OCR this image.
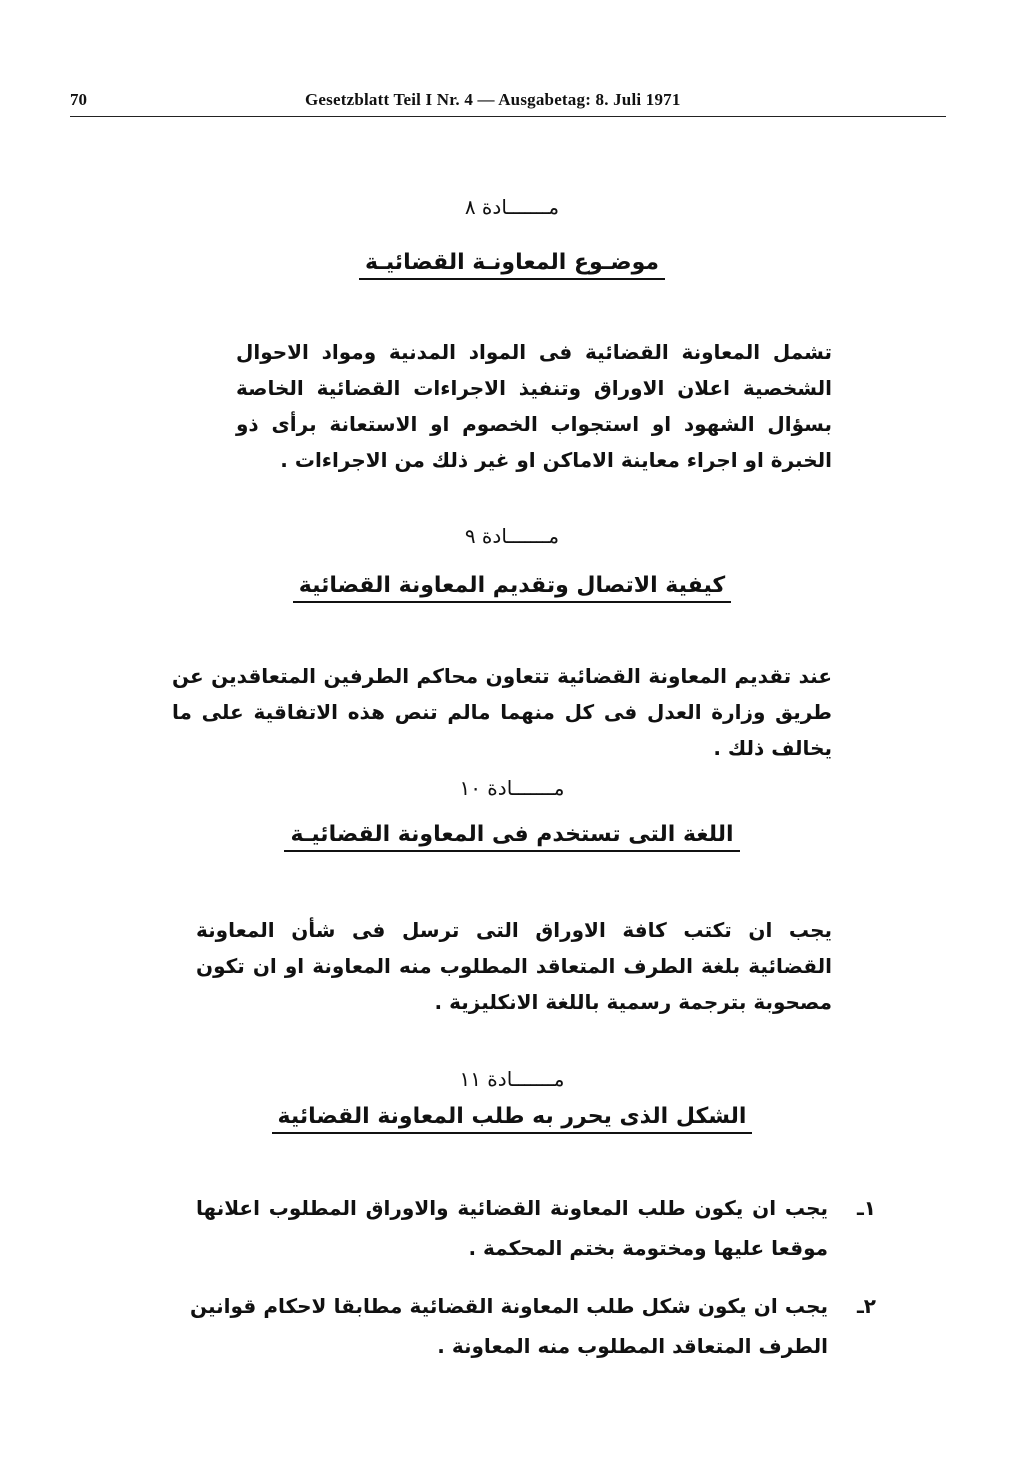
70	Gesetzblatt Teil I Nr. 4 — Ausgabetag: 8. Juli 1971
مـــــــادة ٨
موضـوع المعاونـة القضائيـة
تشمل المعاونة القضائية فى المواد المدنية ومواد الاحوال الشخصية اعلان الاوراق وتنفيذ الاجراءات القضائية الخاصة بسؤال الشهود او استجواب الخصوم او الاستعانة برأى ذو الخبرة او اجراء معاينة الاماكن او غير ذلك من الاجراءات .
مـــــــادة ٩
كيفية الاتصال وتقديم المعاونة القضائية
عند تقديم المعاونة القضائية تتعاون محاكم الطرفين المتعاقدين عن طريق وزارة العدل فى كل منهما مالم تنص هذه الاتفاقية على ما يخالف ذلك .
مـــــــادة ١٠
اللغة التى تستخدم فى المعاونة القضائيـة
يجب ان تكتب كافة الاوراق التى ترسل فى شأن المعاونة القضائية بلغة الطرف المتعاقد المطلوب منه المعاونة او ان تكون مصحوبة بترجمة رسمية باللغة الانكليزية .
مـــــــادة ١١
الشكل الذى يحرر به طلب المعاونة القضائية
١ـ
يجب ان يكون طلب المعاونة القضائية والاوراق المطلوب اعلانها موقعا عليها ومختومة بختم المحكمة .
٢ـ
يجب ان يكون شكل طلب المعاونة القضائية مطابقا لاحكام قوانين الطرف المتعاقد المطلوب منه المعاونة .
